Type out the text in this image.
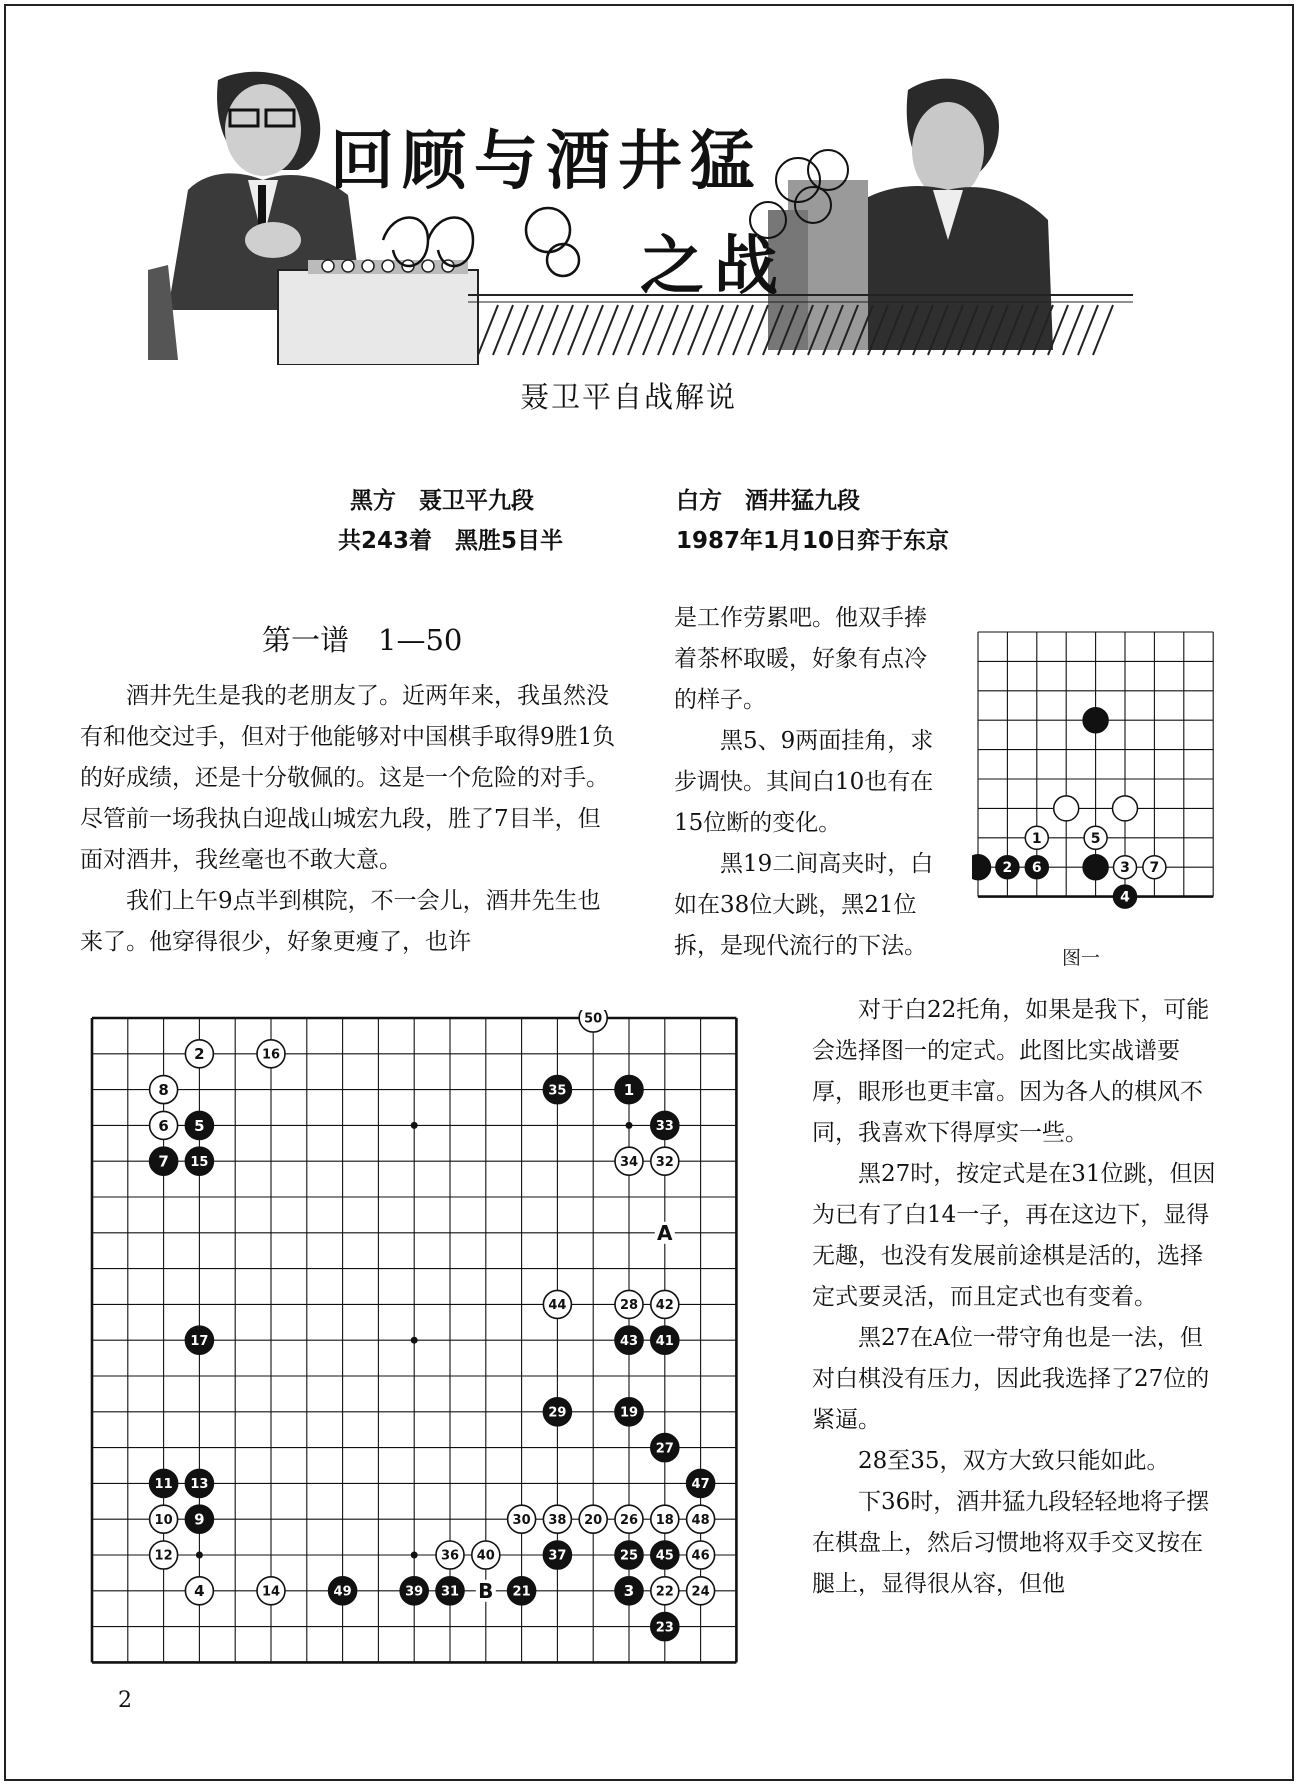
回顾与酒井猛
之战
聂卫平自战解说
黑方　聂卫平九段	白方　酒井猛九段
共243着　黑胜5目半	1987年1月10日弈于东京
第一谱　1—50

酒井先生是我的老朋友了。近两年来，我虽然没有和他交过手，但对于他能够对中国棋手取得9胜1负的好成绩，还是十分敬佩的。这是一个危险的对手。尽管前一场我执白迎战山城宏九段，胜了7目半，但面对酒井，我丝毫也不敢大意。

我们上午9点半到棋院，不一会儿，酒井先生也来了。他穿得很少，好象更瘦了，也许

是工作劳累吧。他双手捧着茶杯取暖，好象有点冷的样子。

黑5、9两面挂角，求步调快。其间白10也有在15位断的变化。

黑19二间高夹时，白如在38位大跳，黑21位拆，是现代流行的下法。

1	5
2 6	3 7
4
图一
A
B
50
2	16
8	35	1
6 5	33
7 15	34 32
44	28 42
17	43 41
29	19
27
11 13	47
10 9	30 38 20 26 18 48
12	36 40	37	25 45 46
4	14	49	39 31	21	3 22 24
23

对于白22托角，如果是我下，可能会选择图一的定式。此图比实战谱要厚，眼形也更丰富。因为各人的棋风不同，我喜欢下得厚实一些。

黑27时，按定式是在31位跳，但因为已有了白14一子，再在这边下，显得无趣，也没有发展前途棋是活的，选择定式要灵活，而且定式也有变着。

黑27在A位一带守角也是一法，但对白棋没有压力，因此我选择了27位的紧逼。

28至35，双方大致只能如此。

下36时，酒井猛九段轻轻地将子摆在棋盘上，然后习惯地将双手交叉按在腿上，显得很从容，但他

2
